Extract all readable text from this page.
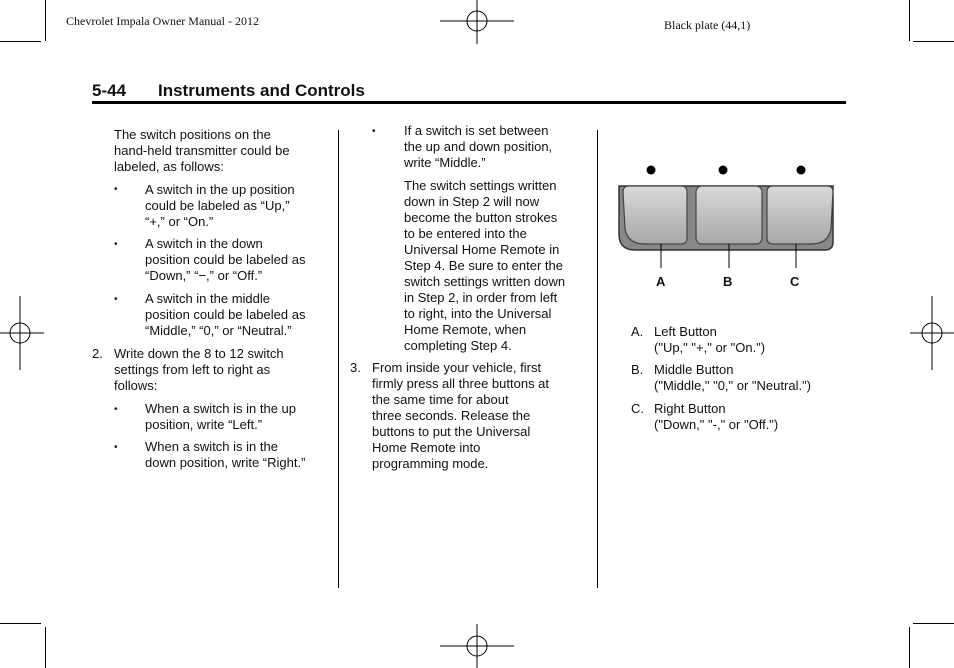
Chevrolet Impala Owner Manual - 2012	Black plate (44,1)
5-44 Instruments and Controls

The switch positions on the

hand-held transmitter could be

labeled, as follows:

• A switch in the up position

could be labeled as “Up,”

“+,” or “On.”

• A switch in the down

position could be labeled as

“Down,” “−,” or “Off.”

• A switch in the middle

position could be labeled as

“Middle,” “0,” or “Neutral.”

2. Write down the 8 to 12 switch

settings from left to right as

follows:

• When a switch is in the up

position, write “Left.”

• When a switch is in the

down position, write “Right.”

• If a switch is set between

the up and down position,

write “Middle.”

The switch settings written

down in Step 2 will now

become the button strokes

to be entered into the

Universal Home Remote in

Step 4. Be sure to enter the

switch settings written down

in Step 2, in order from left

to right, into the Universal

Home Remote, when

completing Step 4.

3. From inside your vehicle, first

firmly press all three buttons at

the same time for about

three seconds. Release the

buttons to put the Universal

Home Remote into

programming mode.

A	B	C
A. Left Button

("Up," "+," or "On.")

B. Middle Button

("Middle," "0," or "Neutral.")

C. Right Button

("Down," "-," or "Off.")
